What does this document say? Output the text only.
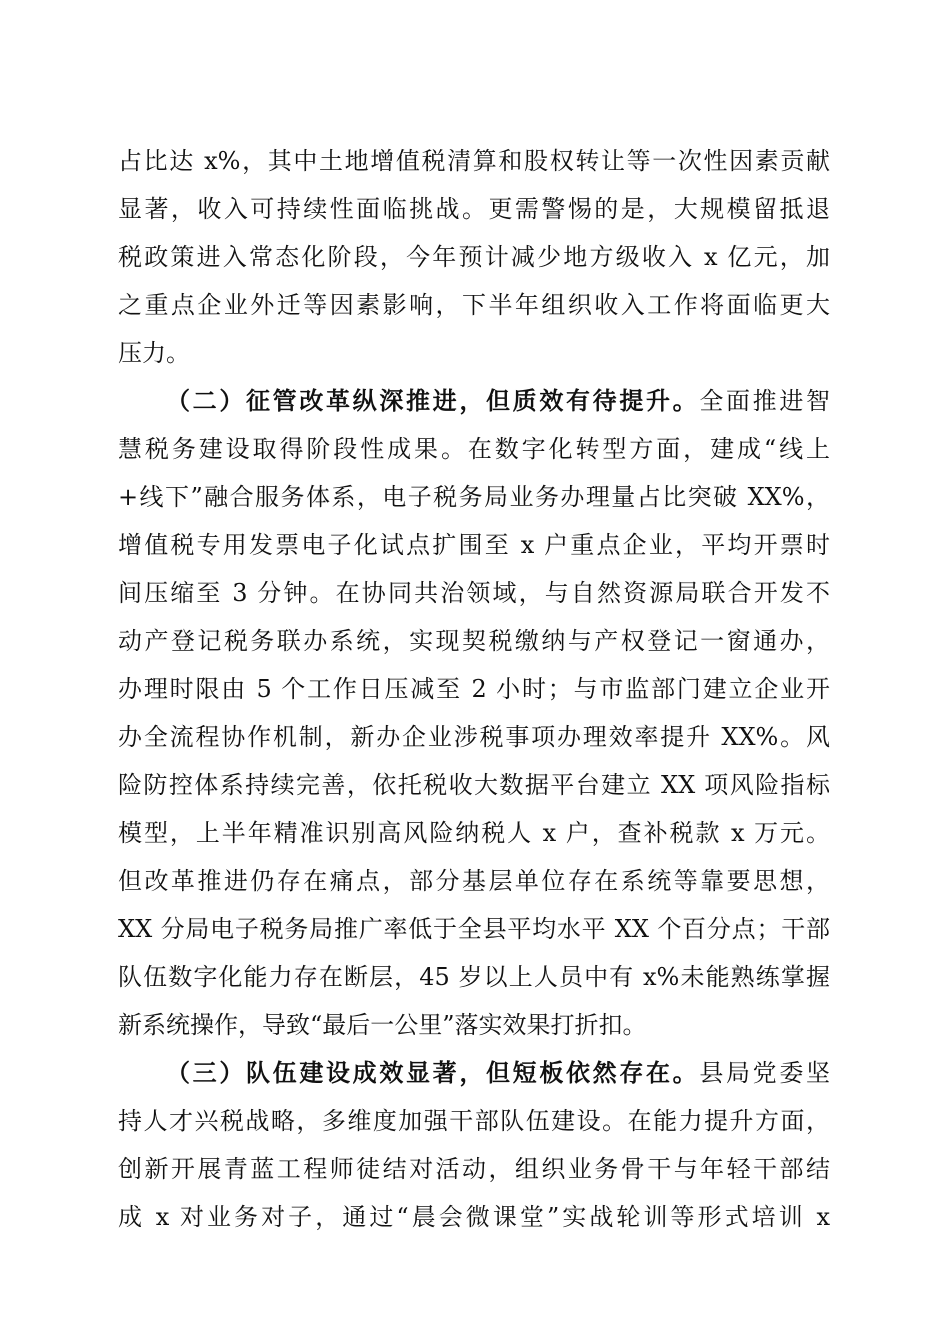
占比达 x%，其中土地增值税清算和股权转让等一次性因素贡献
显著，收入可持续性面临挑战。更需警惕的是，大规模留抵退
税政策进入常态化阶段，今年预计减少地方级收入 x 亿元，加
之重点企业外迁等因素影响，下半年组织收入工作将面临更大
压力。
（二）征管改革纵深推进，但质效有待提升。全面推进智
慧税务建设取得阶段性成果。在数字化转型方面，建成“线上
+线下”融合服务体系，电子税务局业务办理量占比突破 XX%，
增值税专用发票电子化试点扩围至 x 户重点企业，平均开票时
间压缩至 3 分钟。在协同共治领域，与自然资源局联合开发不
动产登记税务联办系统，实现契税缴纳与产权登记一窗通办，
办理时限由 5 个工作日压减至 2 小时；与市监部门建立企业开
办全流程协作机制，新办企业涉税事项办理效率提升 XX%。风
险防控体系持续完善，依托税收大数据平台建立 XX 项风险指标
模型，上半年精准识别高风险纳税人 x 户，查补税款 x 万元。
但改革推进仍存在痛点，部分基层单位存在系统等靠要思想，
XX 分局电子税务局推广率低于全县平均水平 XX 个百分点；干部
队伍数字化能力存在断层，45 岁以上人员中有 x%未能熟练掌握
新系统操作，导致“最后一公里”落实效果打折扣。
（三）队伍建设成效显著，但短板依然存在。县局党委坚
持人才兴税战略，多维度加强干部队伍建设。在能力提升方面，
创新开展青蓝工程师徒结对活动，组织业务骨干与年轻干部结
成 x 对业务对子，通过“晨会微课堂”实战轮训等形式培训 x
